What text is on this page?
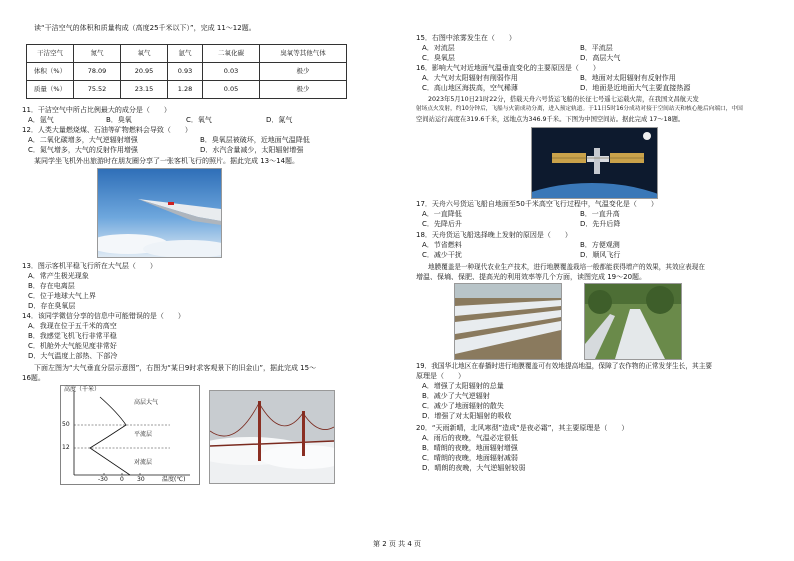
读“干洁空气的体积和质量构成（高度25千米以下）”，完成 11～12题。
干洁空气	氮气	氧气	氩气	二氧化碳	臭氧等其他气体
体积（%）	78.09	20.95	0.93	0.03	极少
质量（%）	75.52	23.15	1.28	0.05	极少
11．干洁空气中所占比例最大的成分是（　　）
A．氩气	B．臭氧	C．氧气	D．氮气
12．人类大量燃烧煤、石油等矿物燃料会导致（　　）
A．二氧化碳增多，大气逆辐射增强	B．臭氧层被破坏，近地面气温降低
C．氮气增多，大气的反射作用增强	D．水汽含量减少，太阳辐射增强
某同学坐飞机外出旅游时在朋友圈分享了一张客机飞行的照片。据此完成 13～14题。
13．图示客机平稳飞行所在大气层（　　）
A．常产生极光现象
B．存在电离层
C．位于地球大气上界
D．存在臭氧层
14．该同学微信分享的信息中可能错误的是（　　）
A．我现在位于五千米的高空
B．我感觉飞机飞行非常平稳
C．机舱外大气能见度非常好
D．大气温度上部热、下部冷
下面左图为“大气垂直分层示意图”，右图为“某日9时求客观景下的旧金山”，据此完成 15～
16题。
高度（千米）
高层大气
平流层
对流层
50
12
-30 0 30	温度(℃)
15．右图中浓雾发生在（　　）
A．对流层	B．平流层
C．臭氧层	D．高层大气
16．影响大气对近地面气温垂直变化的主要原因是（　　）
A．大气对太阳辐射有削弱作用	B．地面对太阳辐射有反射作用
C．高山地区海拔高，空气稀薄	D．地面是近地面大气主要直接热源
2023年5月10日21时22分，搭载天舟六号货运飞船的长征七号遥七运载火箭，在我国文昌航天发
射场点火发射，约10分钟后，飞船与火箭成功分离，进入预定轨道。于11日5时16分成功对接于空间站天和核心舱后向端口，中国
空间站运行高度在319.6千米，远地点为346.9千米。下图为中国空间站。据此完成 17～18题。
17．天舟六号货运飞船自地面至50千米高空飞行过程中，气温变化是（　　）
A．一直降低	B．一直升高
C．先降后升	D．先升后降
18．天舟货运飞船选择晚上发射的原因是（　　）
A．节省燃料	B．方便观测
C．减少干扰	D．顺风飞行
地膜覆盖是一种现代农业生产技术，进行地膜覆盖栽培一般都能获得增产的效果，其效应表现在
增温、保墒、保肥、提高光的利用效率等几个方面，读图完成 19～20题。
19．我国华北地区在春播时进行地膜覆盖可有效地提高地温，保障了农作物的正常发芽生长，其主要
原理是（　　）
A．增强了太阳辐射的总量
B．减少了大气逆辐射
C．减少了地面辐射的散失
D．增强了对太阳辐射的吸收
20．“天雨新晴，北风寒彻”造成“是夜必霜”，其主要原理是（　　）
A．雨后的夜晚，气温必定很低
B．晴朗的夜晚，地面辐射增强
C．晴朗的夜晚，地面辐射减弱
D．晴朗的夜晚，大气逆辐射较弱
第 2 页 共 4 页
